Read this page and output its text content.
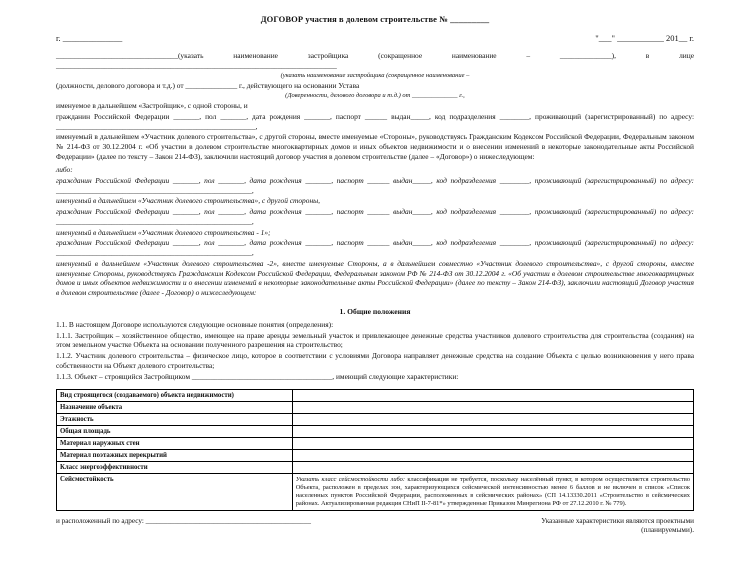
ДОГОВОР участия в долевом строительстве № _________
г. ______________	"___" ___________ 201__ г.

_________________________________(указать наименование застройщика (сокращенное наименование – ______________), в лице ____________________________________________________________________________

(указать наименование застройщика (сокращенное наименование –

(должности, делового договора и т.д.) от ______________ г., действующего на основании Устава

(Доверенности, делового договора и т.д.) от ______________ г.,

именуемое в дальнейшем «Застройщик», с одной стороны, и

гражданин Российской Федерации _______, пол _______, дата рождения _______, паспорт ______ выдан_____, код подразделения ________, проживающий (зарегистрированный) по адресу: ______________________________________________________,

именуемый в дальнейшем «Участник долевого строительства», с другой стороны, вместе именуемые «Стороны», руководствуясь Гражданским Кодексом Российской Федерации, Федеральным законом № 214-ФЗ от 30.12.2004 г. «Об участии в долевом строительстве многоквартирных домов и иных объектов недвижимости и о внесении изменений в некоторые законодательные акты Российской Федерации» (далее по тексту – Закон 214-ФЗ), заключили настоящий договор участия в долевом строительстве (далее – «Договор») о нижеследующем:

либо:

гражданин Российской Федерации _______, пол _______, дата рождения _______, паспорт ______ выдан_____, код подразделения ________, проживающий (зарегистрированный) по адресу: _____________________________________________________,

именуемый в дальнейшем «Участник долевого строительства», с другой стороны,

гражданин Российской Федерации _______, пол _______, дата рождения _______, паспорт ______ выдан_____, код подразделения ________, проживающий (зарегистрированный) по адресу: _____________________________________________________,

именуемый в дальнейшем «Участник долевого строительства - 1»;

гражданин Российской Федерации _______, пол _______, дата рождения _______, паспорт ______ выдан_____, код подразделения ________, проживающий (зарегистрированный) по адресу: _____________________________________________________,

именуемый в дальнейшем «Участник долевого строительства -2», вместе именуемые Стороны, а в дальнейшем совместно «Участник долевого строительства», с другой стороны, вместе именуемые Стороны, руководствуясь Гражданским Кодексом Российской Федерации, Федеральным законом РФ № 214-ФЗ от 30.12.2004 г. «Об участии в долевом строительстве многоквартирных домов и иных объектов недвижимости и о внесении изменений в некоторые законодательные акты Российской Федерации» (далее по тексту – Закон 214-ФЗ), заключили настоящий Договор участия в долевом строительстве (далее - Договор) о нижеследующем:

1. Общие положения

1.1. В настоящем Договоре используются следующие основные понятия (определения):

1.1.1. Застройщик – хозяйственное общество, имеющее на праве аренды земельный участок и привлекающее денежные средства участников долевого строительства для строительства (создания) на этом земельном участке Объекта на основании полученного разрешения на строительство;

1.1.2. Участник долевого строительства – физическое лицо, которое в соответствии с условиями Договора направляет денежные средства на создание Объекта с целью возникновения у него права собственности на Объект долевого строительства;

1.1.3. Объект – строящийся Застройщиком ______________________________________, имеющий следующие характеристики:

Вид строящегося (создаваемого) объекта недвижимости)	
Назначение объекта	
Этажность	
Общая площадь	
Материал наружных стен	
Материал поэтажных перекрытий	
Класс энергоэффективности	
Сейсмостойкость	Указать класс сейсмостойкости либо: классификация не требуется, поскольку населённый пункт, в котором осуществляется строительство Объекта, расположен в пределах зон, характеризующихся сейсмической интенсивностью менее 6 баллов и не включен в список «Список населенных пунктов Российской Федерации, расположенных в сейсмических районах» (СП 14.13330.2011 «Строительство в сейсмических районах. Актуализированная редакция СНиП II-7-81*» утвержденные Приказом Минрегиона РФ от 27.12.2010 г. № 779).
и расположенный по адресу: ______________________________________________	Указанные характеристики являются проектными (планируемыми).
